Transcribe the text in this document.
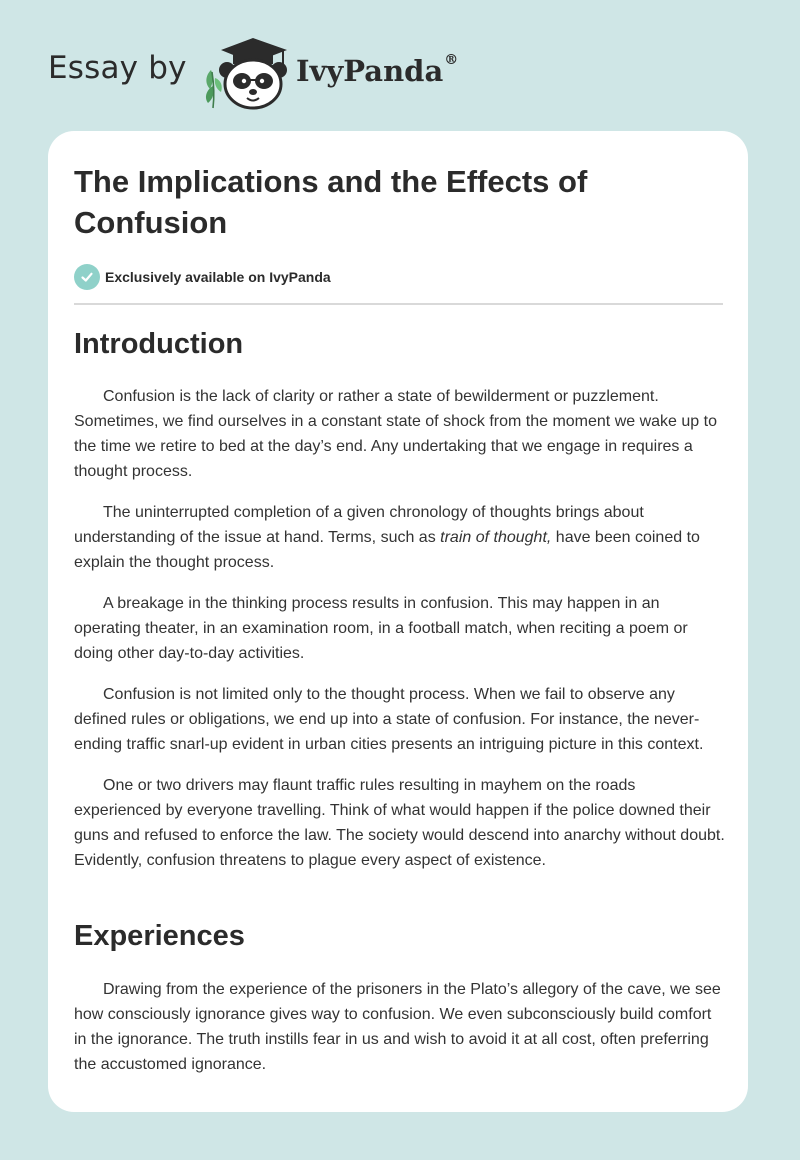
Essay by	IvyPanda®
The Implications and the Effects of Confusion
Exclusively available on IvyPanda
Introduction

Confusion is the lack of clarity or rather a state of bewilderment or puzzlement. Sometimes, we find ourselves in a constant state of shock from the moment we wake up to the time we retire to bed at the day’s end. Any undertaking that we engage in requires a thought process.

The uninterrupted completion of a given chronology of thoughts brings about understanding of the issue at hand. Terms, such as train of thought, have been coined to explain the thought process.

A breakage in the thinking process results in confusion. This may happen in an operating theater, in an examination room, in a football match, when reciting a poem or doing other day-to-day activities.

Confusion is not limited only to the thought process. When we fail to observe any defined rules or obligations, we end up into a state of confusion. For instance, the never-ending traffic snarl-up evident in urban cities presents an intriguing picture in this context.

One or two drivers may flaunt traffic rules resulting in mayhem on the roads experienced by everyone travelling. Think of what would happen if the police downed their guns and refused to enforce the law. The society would descend into anarchy without doubt. Evidently, confusion threatens to plague every aspect of existence.

Experiences

Drawing from the experience of the prisoners in the Plato’s allegory of the cave, we see how consciously ignorance gives way to confusion. We even subconsciously build comfort in the ignorance. The truth instills fear in us and wish to avoid it at all cost, often preferring the accustomed ignorance.
